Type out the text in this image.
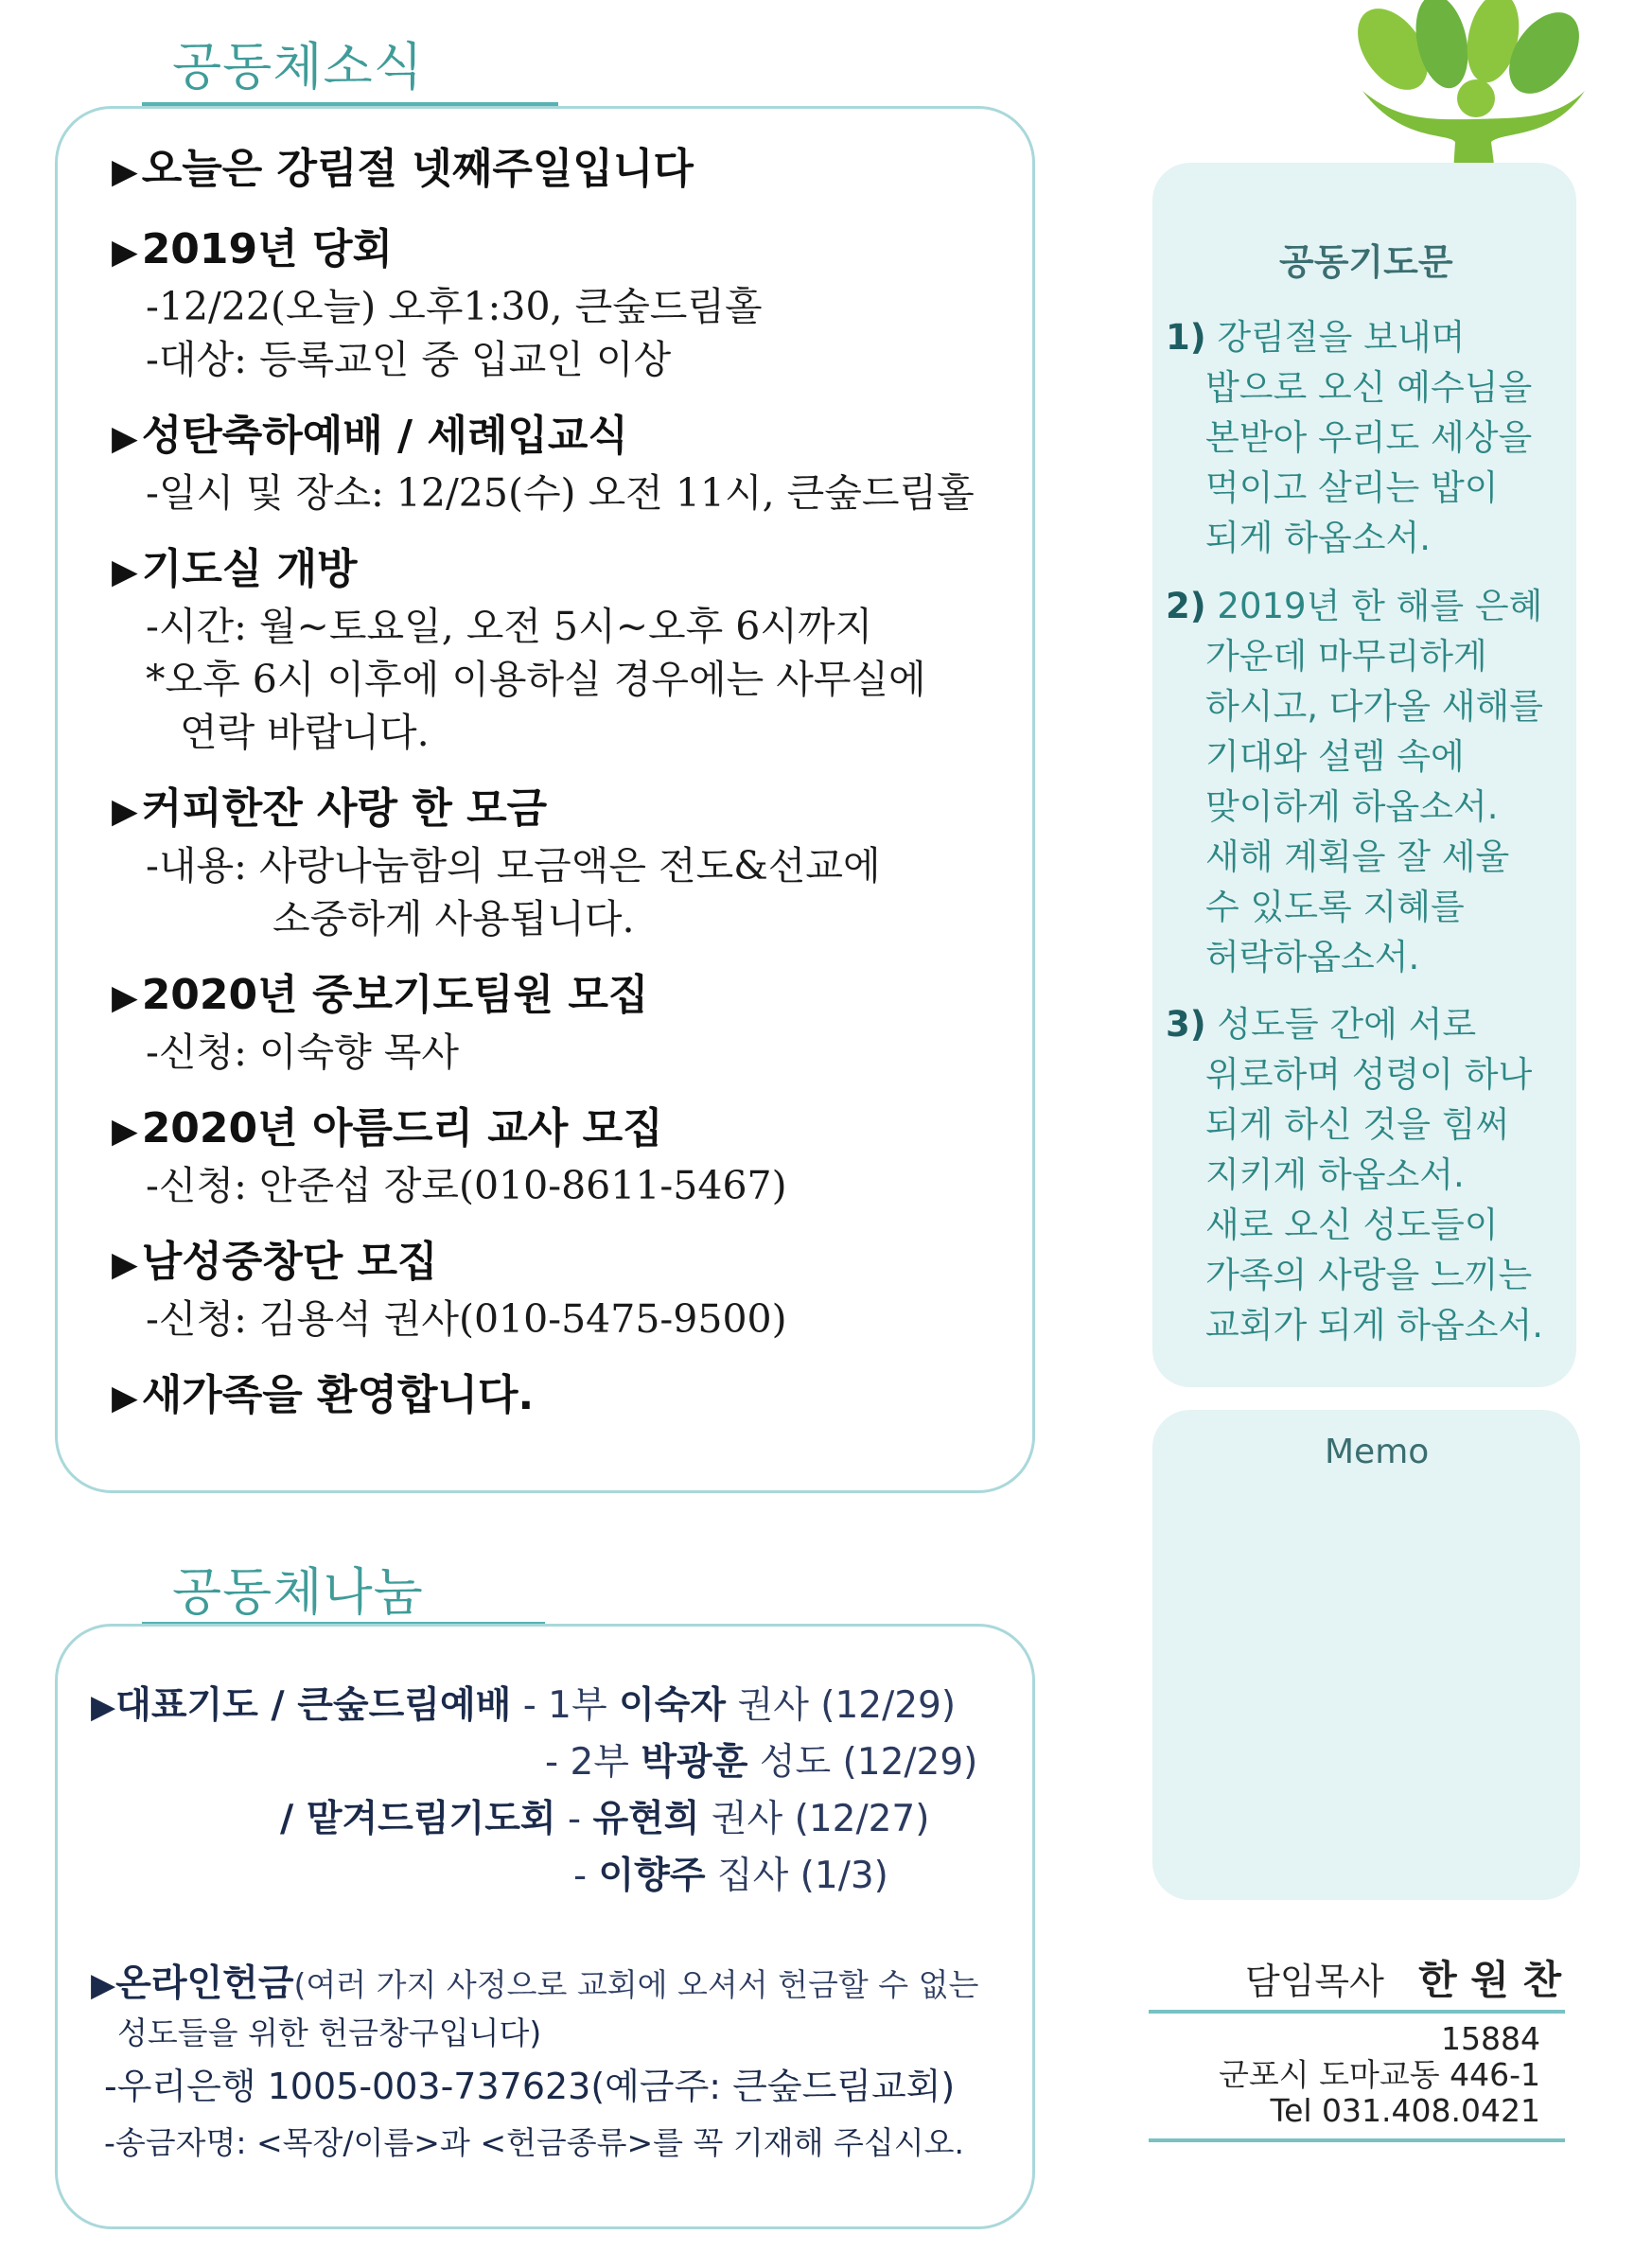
공동체소식
▶오늘은 강림절 넷째주일입니다
▶2019년 당회
-12/22(오늘) 오후1:30, 큰숲드림홀
-대상: 등록교인 중 입교인 이상
▶성탄축하예배 / 세례입교식
-일시 및 장소: 12/25(수) 오전 11시, 큰숲드림홀
▶기도실 개방
-시간: 월~토요일, 오전 5시~오후 6시까지
*오후 6시 이후에 이용하실 경우에는 사무실에
연락 바랍니다.
▶커피한잔 사랑 한 모금
-내용: 사랑나눔함의 모금액은 전도&선교에
소중하게 사용됩니다.
▶2020년 중보기도팀원 모집
-신청: 이숙향 목사
▶2020년 아름드리 교사 모집
-신청: 안준섭 장로(010-8611-5467)
▶남성중창단 모집
-신청: 김용석 권사(010-5475-9500)
▶새가족을 환영합니다.
공동체나눔
▶대표기도 / 큰숲드림예배 - 1부 이숙자 권사 (12/29)
- 2부 박광훈 성도 (12/29)
/ 맡겨드림기도회 - 유현희 권사 (12/27)
- 이향주 집사 (1/3)
▶온라인헌금(여러 가지 사정으로 교회에 오셔서 헌금할 수 없는
성도들을 위한 헌금창구입니다)
-우리은행 1005-003-737623(예금주: 큰숲드림교회)
-송금자명: <목장/이름>과 <헌금종류>를 꼭 기재해 주십시오.
공동기도문
1) 강림절을 보내며
밥으로 오신 예수님을
본받아 우리도 세상을
먹이고 살리는 밥이
되게 하옵소서.
2) 2019년 한 해를 은혜
가운데 마무리하게
하시고, 다가올 새해를
기대와 설렘 속에
맞이하게 하옵소서.
새해 계획을 잘 세울
수 있도록 지혜를
허락하옵소서.
3) 성도들 간에 서로
위로하며 성령이 하나
되게 하신 것을 힘써
지키게 하옵소서.
새로 오신 성도들이
가족의 사랑을 느끼는
교회가 되게 하옵소서.
Memo
담임목사 한 원 찬
15884
군포시 도마교동 446-1
Tel 031.408.0421
